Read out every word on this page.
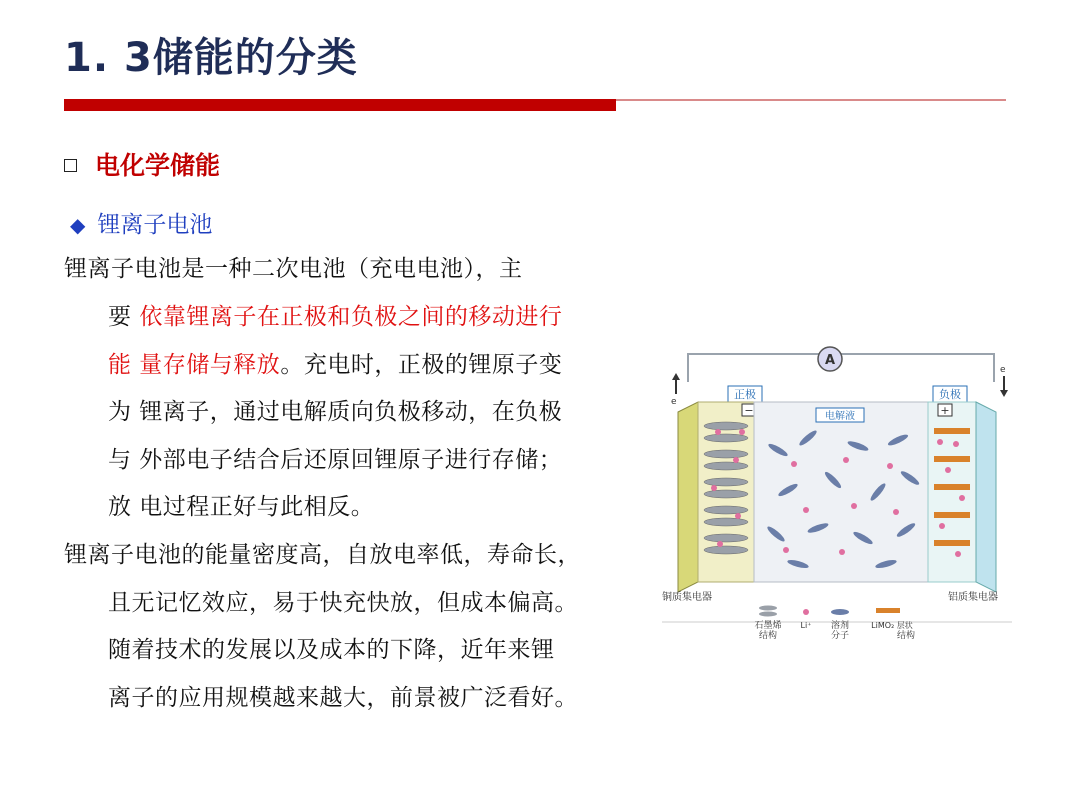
1. 3储能的分类
电化学储能
◆ 锂离子电池
锂离子电池是一种二次电池（充电电池），主
要 依靠锂离子在正极和负极之间的移动进行
能 量存储与释放。充电时，正极的锂原子变
为 锂离子，通过电解质向负极移动，在负极
与 外部电子结合后还原回锂原子进行存储；
放 电过程正好与此相反。
锂离子电池的能量密度高，自放电率低，寿命长，
且无记忆效应，易于快充快放，但成本偏高。
随着技术的发展以及成本的下降，近年来锂
离子的应用规模越来越大，前景被广泛看好。
A
e
e
正极	负极
−	电解液	+
铜质集电器	铝质集电器
石墨烯
结构
Li⁺ 溶剂
分子
LiMO₂ 层状
结构
